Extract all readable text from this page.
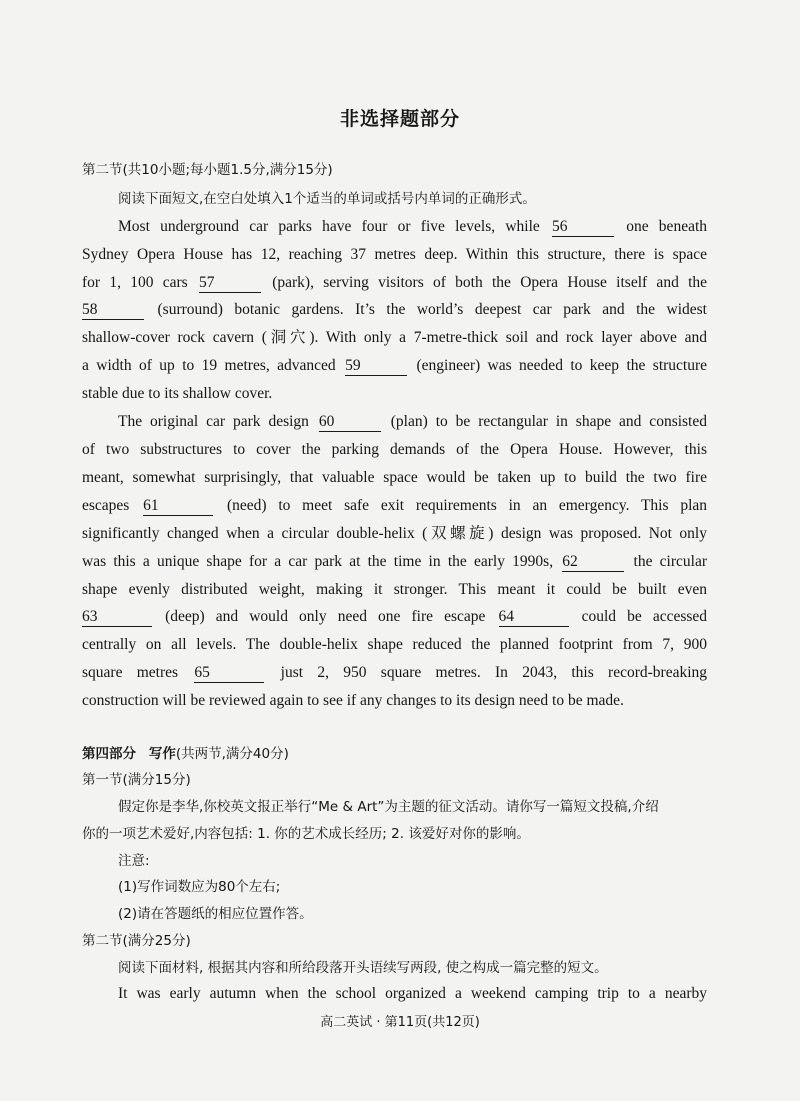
非选择题部分
第二节(共10小题;每小题1.5分,满分15分)
阅读下面短文,在空白处填入1个适当的单词或括号内单词的正确形式。
Most underground car parks have four or five levels, while 56	one beneath
Sydney Opera House has 12, reaching 37 metres deep. Within this structure, there is space
for 1, 100 cars 57	(park), serving visitors of both the Opera House itself and the
58	(surround) botanic gardens. It’s the world’s deepest car park and the widest
shallow-cover rock cavern (洞穴). With only a 7-metre-thick soil and rock layer above and
a width of up to 19 metres, advanced 59	(engineer) was needed to keep the structure
stable due to its shallow cover.
The original car park design 60	(plan) to be rectangular in shape and consisted
of two substructures to cover the parking demands of the Opera House. However, this
meant, somewhat surprisingly, that valuable space would be taken up to build the two fire
escapes 61	(need) to meet safe exit requirements in an emergency. This plan
significantly changed when a circular double-helix (双螺旋) design was proposed. Not only
was this a unique shape for a car park at the time in the early 1990s, 62	the circular
shape evenly distributed weight, making it stronger. This meant it could be built even
63	(deep) and would only need one fire escape 64	could be accessed
centrally on all levels. The double-helix shape reduced the planned footprint from 7, 900
square metres 65	just 2, 950 square metres. In 2043, this record-breaking
construction will be reviewed again to see if any changes to its design need to be made.
第四部分 写作(共两节,满分40分)
第一节(满分15分)
假定你是李华,你校英文报正举行“Me & Art”为主题的征文活动。请你写一篇短文投稿,介绍
你的一项艺术爱好,内容包括: 1. 你的艺术成长经历; 2. 该爱好对你的影响。
注意:
(1)写作词数应为80个左右;
(2)请在答题纸的相应位置作答。
第二节(满分25分)
阅读下面材料, 根据其内容和所给段落开头语续写两段, 使之构成一篇完整的短文。
It was early autumn when the school organized a weekend camping trip to a nearby
高二英试 · 第11页(共12页)
